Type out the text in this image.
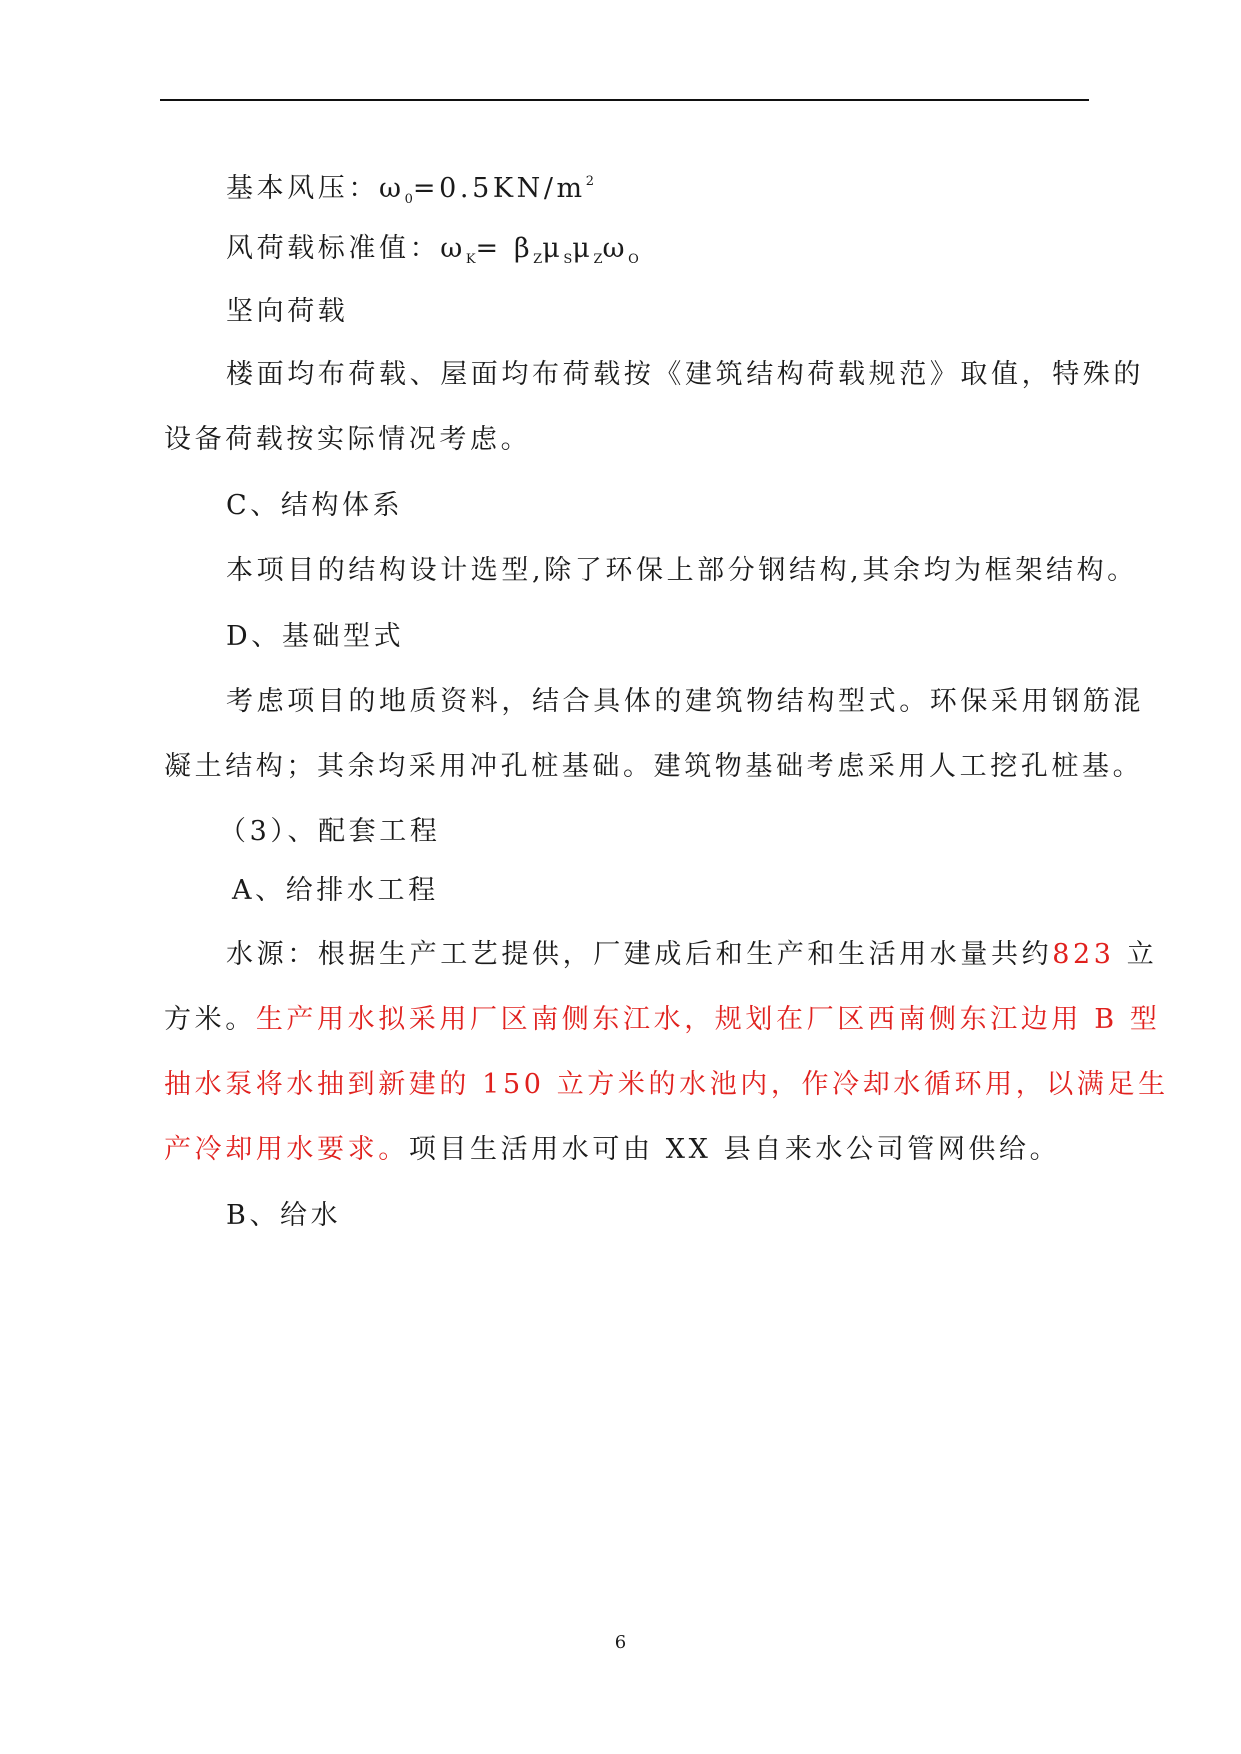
基本风压：$\omega_0=0.5KN/m^2$
风荷载标准值：$\omega_K= \beta_Z\mu_S\mu_Z\omega_O$
坚向荷载
楼面均布荷载、屋面均布荷载按《建筑结构荷载规范》取值，特殊的
设备荷载按实际情况考虑。
C、结构体系
本项目的结构设计选型,除了环保上部分钢结构,其余均为框架结构。
D、基础型式
考虑项目的地质资料，结合具体的建筑物结构型式。环保采用钢筋混
凝土结构；其余均采用冲孔桩基础。建筑物基础考虑采用人工挖孔桩基。
（3）、配套工程
A、给排水工程
水源：根据生产工艺提供，厂建成后和生产和生活用水量共约823 立
方米。生产用水拟采用厂区南侧东江水，规划在厂区西南侧东江边用 B 型
抽水泵将水抽到新建的 150 立方米的水池内，作冷却水循环用，以满足生
产冷却用水要求。项目生活用水可由 XX 县自来水公司管网供给。
B、给水
6
